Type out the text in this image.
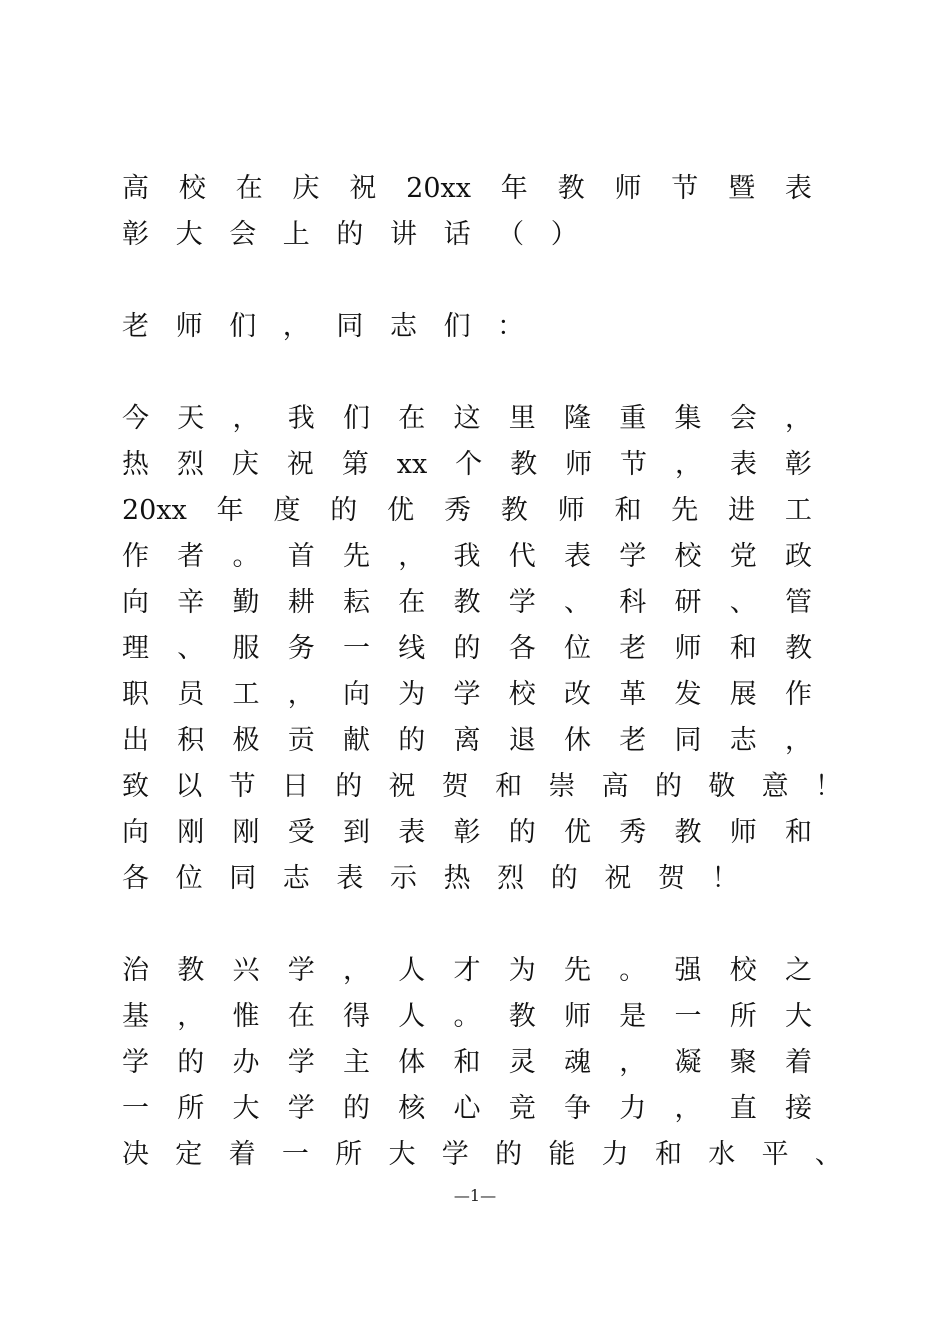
高 校 在 庆 祝 20xx 年 教 师 节 暨 表
彰 大 会 上 的 讲 话 （ ）
老 师 们 ， 同 志 们 ：
今 天 ， 我 们 在 这 里 隆 重 集 会 ，
热 烈 庆 祝 第 xx 个 教 师 节 ， 表 彰
20xx 年 度 的 优 秀 教 师 和 先 进 工
作 者 。 首 先 ， 我 代 表 学 校 党 政
向 辛 勤 耕 耘 在 教 学 、 科 研 、 管
理 、 服 务 一 线 的 各 位 老 师 和 教
职 员 工 ， 向 为 学 校 改 革 发 展 作
出 积 极 贡 献 的 离 退 休 老 同 志 ，
致 以 节 日 的 祝 贺 和 崇 高 的 敬 意 ！
向 刚 刚 受 到 表 彰 的 优 秀 教 师 和
各 位 同 志 表 示 热 烈 的 祝 贺 ！
治 教 兴 学 ， 人 才 为 先 。 强 校 之
基 ， 惟 在 得 人 。 教 师 是 一 所 大
学 的 办 学 主 体 和 灵 魂 ， 凝 聚 着
一 所 大 学 的 核 心 竞 争 力 ， 直 接
决 定 着 一 所 大 学 的 能 力 和 水 平 、
—1—
